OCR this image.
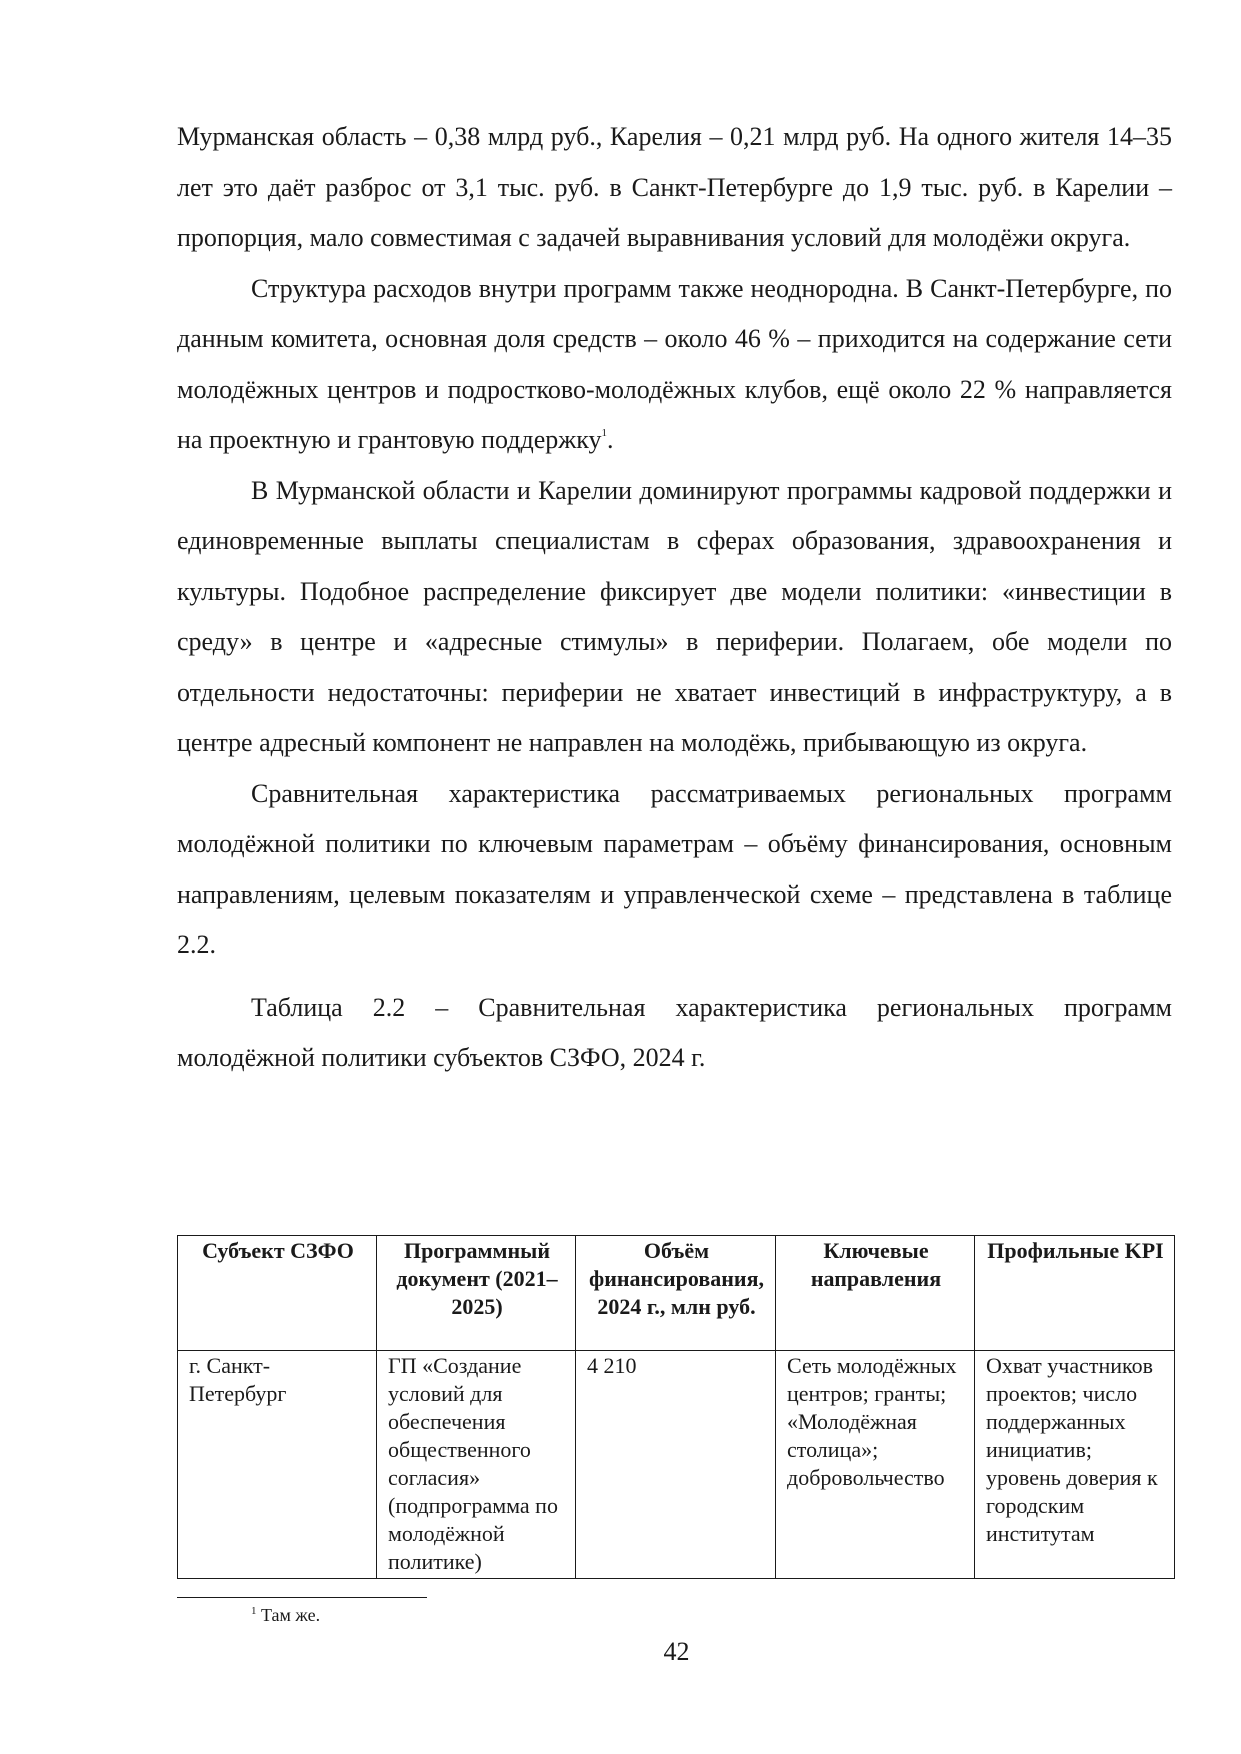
Мурманская область – 0,38 млрд руб., Карелия – 0,21 млрд руб. На одного жителя 14–35 лет это даёт разброс от 3,1 тыс. руб. в Санкт-Петербурге до 1,9 тыс. руб. в Карелии – пропорция, мало совместимая с задачей выравнивания условий для молодёжи округа.

Структура расходов внутри программ также неоднородна. В Санкт-Петербурге, по данным комитета, основная доля средств – около 46 % – приходится на содержание сети молодёжных центров и подростково-молодёжных клубов, ещё около 22 % направляется на проектную и грантовую поддержку$^1$.

В Мурманской области и Карелии доминируют программы кадровой поддержки и единовременные выплаты специалистам в сферах образования, здравоохранения и культуры. Подобное распределение фиксирует две модели политики: «инвестиции в среду» в центре и «адресные стимулы» в периферии. Полагаем, обе модели по отдельности недостаточны: периферии не хватает инвестиций в инфраструктуру, а в центре адресный компонент не направлен на молодёжь, прибывающую из округа.

Сравнительная характеристика рассматриваемых региональных программ молодёжной политики по ключевым параметрам – объёму финансирования, основным направлениям, целевым показателям и управленческой схеме – представлена в таблице 2.2.

Таблица 2.2 – Сравнительная характеристика региональных программ молодёжной политики субъектов СЗФО, 2024 г.

Субъект СЗФО	Программный документ (2021–2025)	Объём финансирования, 2024 г., млн руб.	Ключевые направления	Профильные KPI
г. Санкт-Петербург	ГП «Создание условий для обеспечения общественного согласия» (подпрограмма по молодёжной политике)	4 210	Сеть молодёжных центров; гранты; «Молодёжная столица»; добровольчество	Охват участников проектов; число поддержанных инициатив; уровень доверия к городским институтам
$^1$ Там же.
42
